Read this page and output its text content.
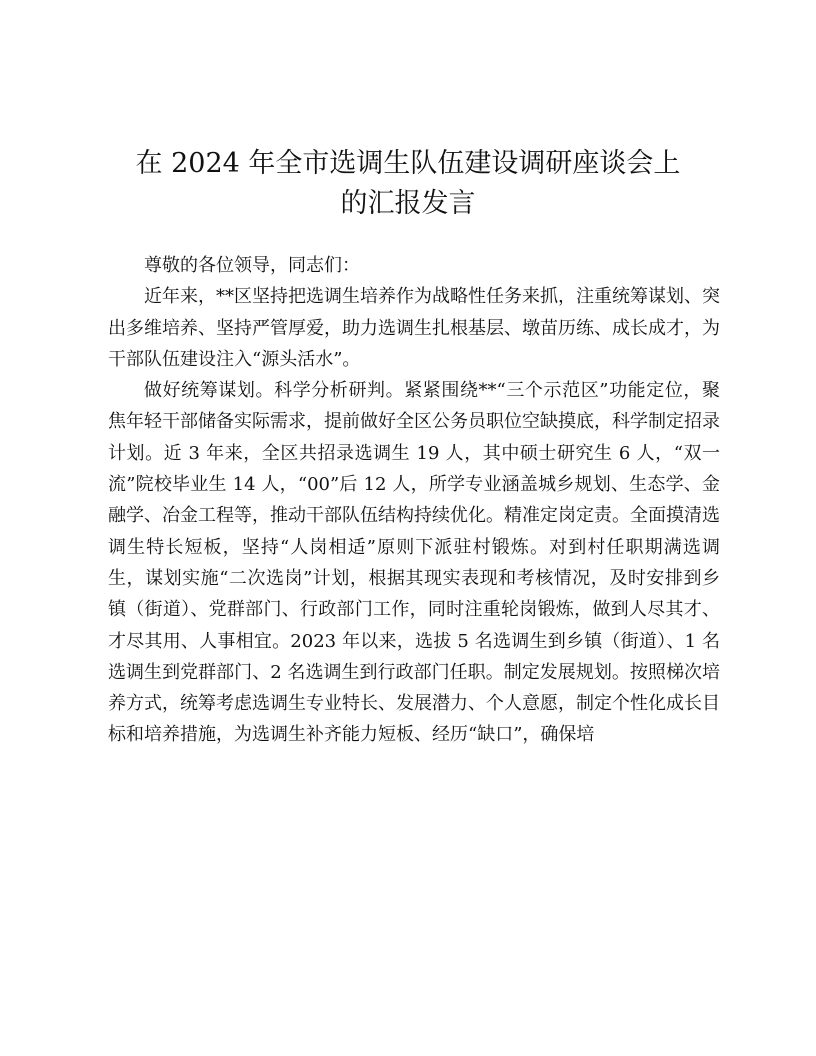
在 2024 年全市选调生队伍建设调研座谈会上
的汇报发言

尊敬的各位领导，同志们：

近年来，**区坚持把选调生培养作为战略性任务来抓，注重统筹谋划、突出多维培养、坚持严管厚爱，助力选调生扎根基层、墩苗历练、成长成才，为干部队伍建设注入“源头活水”。

做好统筹谋划。科学分析研判。紧紧围绕**“三个示范区”功能定位，聚焦年轻干部储备实际需求，提前做好全区公务员职位空缺摸底，科学制定招录计划。近 3 年来，全区共招录选调生 19 人，其中硕士研究生 6 人，“双一流”院校毕业生 14 人，“00”后 12 人，所学专业涵盖城乡规划、生态学、金融学、冶金工程等，推动干部队伍结构持续优化。精准定岗定责。全面摸清选调生特长短板，坚持“人岗相适”原则下派驻村锻炼。对到村任职期满选调生，谋划实施“二次选岗”计划，根据其现实表现和考核情况，及时安排到乡镇（街道）、党群部门、行政部门工作，同时注重轮岗锻炼，做到人尽其才、才尽其用、人事相宜。2023 年以来，选拔 5 名选调生到乡镇（街道）、1 名选调生到党群部门、2 名选调生到行政部门任职。制定发展规划。按照梯次培养方式，统筹考虑选调生专业特长、发展潜力、个人意愿，制定个性化成长目标和培养措施，为选调生补齐能力短板、经历“缺口”，确保培
